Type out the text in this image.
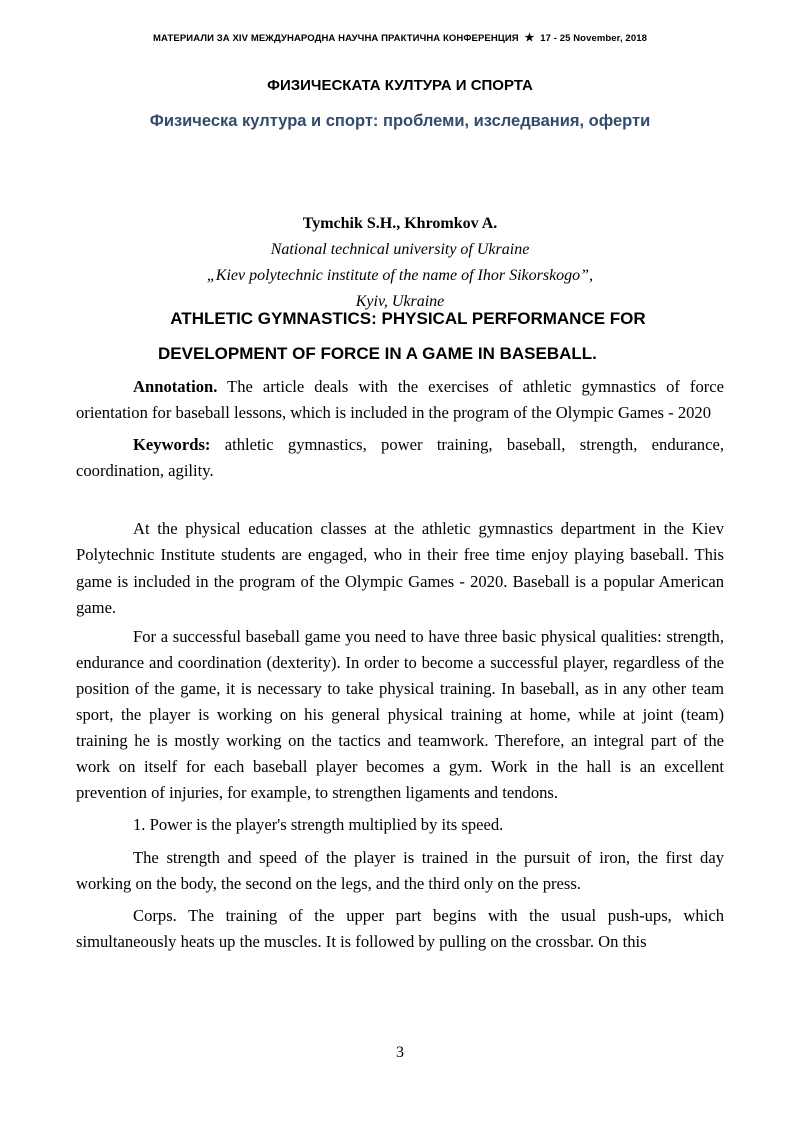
МАТЕРИАЛИ ЗА XIV МЕЖДУНАРОДНА НАУЧНА ПРАКТИЧНА КОНФЕРЕНЦИЯ ★ 17 - 25 November, 2018
ФИЗИЧЕСКАТА КУЛТУРА И СПОРТА
Физическа култура и спорт: проблеми, изследвания, оферти
Tymchik S.H., Khromkov A.
National technical university of Ukraine
„Kiev polytechnic institute of the name of Ihor Sikorskogo”,
Kyiv, Ukraine
ATHLETIC GYMNASTICS: PHYSICAL PERFORMANCE FOR
DEVELOPMENT OF FORCE IN A GAME IN BASEBALL.

Annotation. The article deals with the exercises of athletic gymnastics of force orientation for baseball lessons, which is included in the program of the Olympic Games - 2020

Keywords: athletic gymnastics, power training, baseball, strength, endurance, coordination, agility.

At the physical education classes at the athletic gymnastics department in the Kiev Polytechnic Institute students are engaged, who in their free time enjoy playing baseball. This game is included in the program of the Olympic Games - 2020. Baseball is a popular American game.

For a successful baseball game you need to have three basic physical qualities: strength, endurance and coordination (dexterity). In order to become a successful player, regardless of the position of the game, it is necessary to take physical training. In baseball, as in any other team sport, the player is working on his general physical training at home, while at joint (team) training he is mostly working on the tactics and teamwork. Therefore, an integral part of the work on itself for each baseball player becomes a gym. Work in the hall is an excellent prevention of injuries, for example, to strengthen ligaments and tendons.

1. Power is the player's strength multiplied by its speed.

The strength and speed of the player is trained in the pursuit of iron, the first day working on the body, the second on the legs, and the third only on the press.

Corps. The training of the upper part begins with the usual push-ups, which simultaneously heats up the muscles. It is followed by pulling on the crossbar. On this

3
